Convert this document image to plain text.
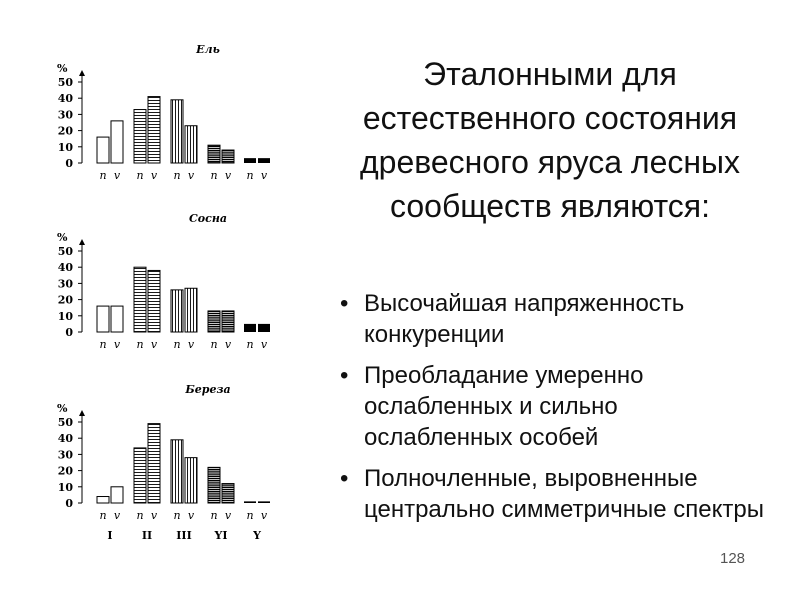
Ель
%
0
10
20
30
40
50
n v n v n v n v n v
Сосна
%
0
10
20
30
40
50
n v n v n v n v n v
Береза
%
0
10
20
30
40
50
n v n v n v n v n v
I	II III YI Y
Эталонными для естественного состояния древесного яруса лесных сообществ являются:
• Высочайшая напряженность конкуренции
• Преобладание умеренно ослабленных и сильно ослабленных особей
• Полночленные, выровненные центрально симметричные спектры
128
